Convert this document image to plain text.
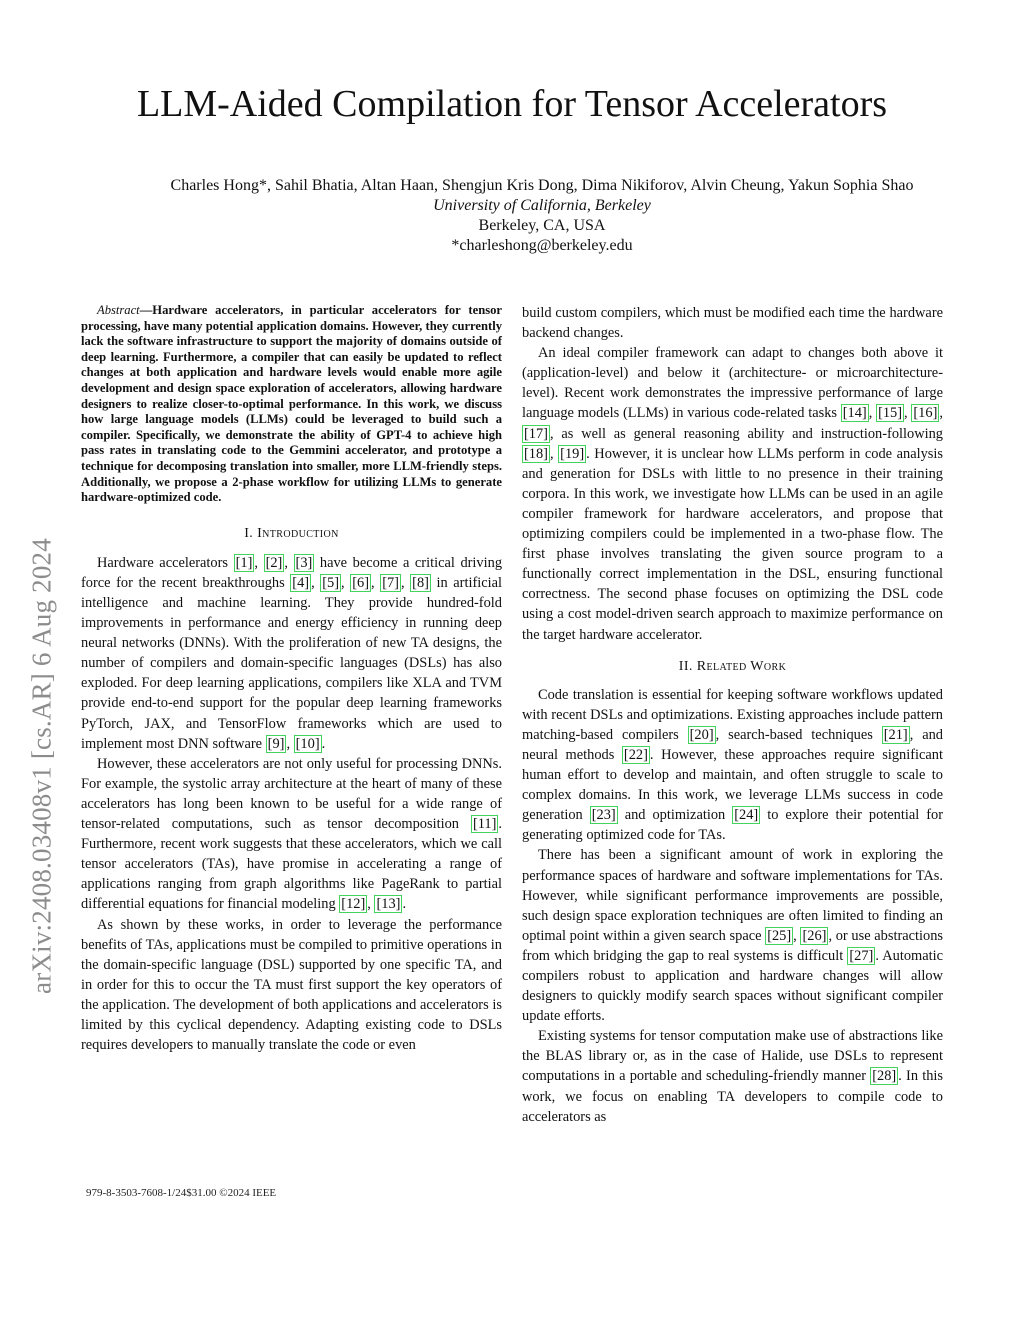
arXiv:2408.03408v1 [cs.AR] 6 Aug 2024
LLM-Aided Compilation for Tensor Accelerators
Charles Hong*, Sahil Bhatia, Altan Haan, Shengjun Kris Dong, Dima Nikiforov, Alvin Cheung, Yakun Sophia Shao
University of California, Berkeley
Berkeley, CA, USA
*charleshong@berkeley.edu

Abstract—Hardware accelerators, in particular accelerators for tensor processing, have many potential application domains. However, they currently lack the software infrastructure to support the majority of domains outside of deep learning. Furthermore, a compiler that can easily be updated to reflect changes at both application and hardware levels would enable more agile development and design space exploration of accelerators, allowing hardware designers to realize closer-to-optimal performance. In this work, we discuss how large language models (LLMs) could be leveraged to build such a compiler. Specifically, we demonstrate the ability of GPT-4 to achieve high pass rates in translating code to the Gemmini accelerator, and prototype a technique for decomposing translation into smaller, more LLM-friendly steps. Additionally, we propose a 2-phase workflow for utilizing LLMs to generate hardware-optimized code.

I. Introduction

Hardware accelerators [1] , [2] , [3] have become a critical driving force for the recent breakthroughs [4] , [5] , [6] , [7] , [8] in artificial intelligence and machine learning. They provide hundred-fold improvements in performance and energy efficiency in running deep neural networks (DNNs). With the proliferation of new TA designs, the number of compilers and domain-specific languages (DSLs) has also exploded. For deep learning applications, compilers like XLA and TVM provide end-to-end support for the popular deep learning frameworks PyTorch, JAX, and TensorFlow frameworks which are used to implement most DNN software [9] , [10] .

However, these accelerators are not only useful for processing DNNs. For example, the systolic array architecture at the heart of many of these accelerators has long been known to be useful for a wide range of tensor-related computations, such as tensor decomposition [11] . Furthermore, recent work suggests that these accelerators, which we call tensor accelerators (TAs), have promise in accelerating a range of applications ranging from graph algorithms like PageRank to partial differential equations for financial modeling [12] , [13] .

As shown by these works, in order to leverage the performance benefits of TAs, applications must be compiled to primitive operations in the domain-specific language (DSL) supported by one specific TA, and in order for this to occur the TA must first support the key operators of the application. The development of both applications and accelerators is limited by this cyclical dependency. Adapting existing code to DSLs requires developers to manually translate the code or even

build custom compilers, which must be modified each time the hardware backend changes.

An ideal compiler framework can adapt to changes both above it (application-level) and below it (architecture- or microarchitecture-level). Recent work demonstrates the impressive performance of large language models (LLMs) in various code-related tasks [14] , [15] , [16] , [17] , as well as general reasoning ability and instruction-following [18] , [19] . However, it is unclear how LLMs perform in code analysis and generation for DSLs with little to no presence in their training corpora. In this work, we investigate how LLMs can be used in an agile compiler framework for hardware accelerators, and propose that optimizing compilers could be implemented in a two-phase flow. The first phase involves translating the given source program to a functionally correct implementation in the DSL, ensuring functional correctness. The second phase focuses on optimizing the DSL code using a cost model-driven search approach to maximize performance on the target hardware accelerator.

II. Related Work

Code translation is essential for keeping software workflows updated with recent DSLs and optimizations. Existing approaches include pattern matching-based compilers [20] , search-based techniques [21] , and neural methods [22] . However, these approaches require significant human effort to develop and maintain, and often struggle to scale to complex domains. In this work, we leverage LLMs success in code generation [23] and optimization [24] to explore their potential for generating optimized code for TAs.

There has been a significant amount of work in exploring the performance spaces of hardware and software implementations for TAs. However, while significant performance improvements are possible, such design space exploration techniques are often limited to finding an optimal point within a given search space [25] , [26] , or use abstractions from which bridging the gap to real systems is difficult [27] . Automatic compilers robust to application and hardware changes will allow designers to quickly modify search spaces without significant compiler update efforts.

Existing systems for tensor computation make use of abstractions like the BLAS library or, as in the case of Halide, use DSLs to represent computations in a portable and scheduling-friendly manner [28] . In this work, we focus on enabling TA developers to compile code to accelerators as

979-8-3503-7608-1/24$31.00 ©2024 IEEE
